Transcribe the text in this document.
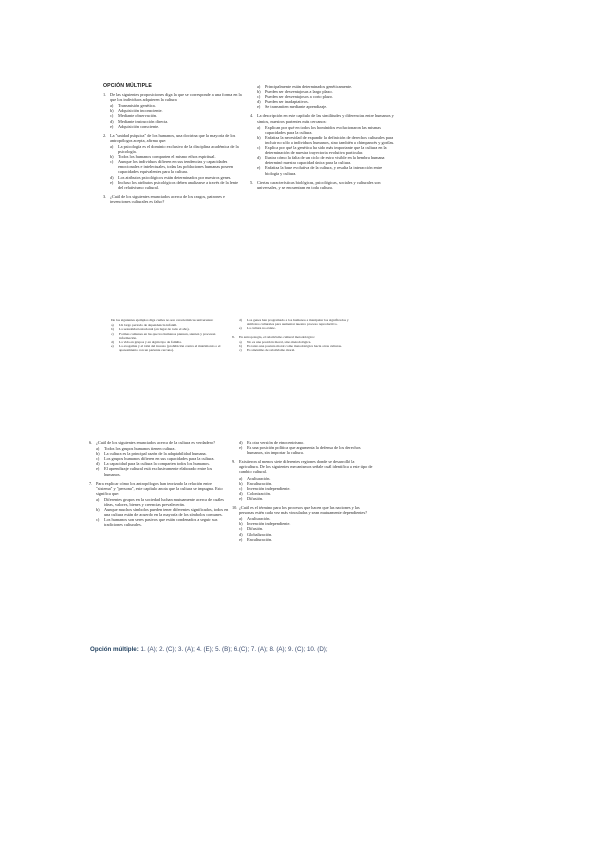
OPCIÓN MÚLTIPLE
1. De las siguientes proposiciones diga la que se corresponde a una forma en la que los individuos adquieren la cultura
a)	Transmisión genética.
b)	Adquisición inconsciente.
c)	Mediante observación.
d)	Mediante instrucción directa.
e)	Adquisición consciente.
2. La "unidad psíquica" de los humanos, una doctrina que la mayoría de los antropólogos acepta, afirma que:
a)	La psicología es el dominio exclusivo de la disciplina académica de la psicología.
b)	Todos los humanos comparten el mismo ethos espiritual.
c)	Aunque los individuos difieren en sus tendencias y capacidades emocionales e intelectuales, todas las poblaciones humanas poseen capacidades equivalentes para la cultura.
d)	Los atributos psicológicos están determinados por nuestros genes.
e)	Incluso los atributos psicológicos deben analizarse a través de la lente del relativismo cultural.
3. ¿Cuál de los siguientes enunciados acerca de los rasgos, patrones e invenciones culturales es falso?
a)	Principalmente están determinados genéticamente.
b)	Pueden ser desventajosas a largo plazo.
c)	Pueden ser desventajosos a corto plazo.
d)	Pueden ser inadaptativos.
e)	Se transmiten mediante aprendizaje.
4. La descripción en este capítulo de las similitudes y diferencias entre humanos y simios, nuestros parientes más cercanos:
a)	Explican por qué en todos los homínidos evolucionaron las mismas capacidades para la cultura.
b)	Enfatiza la necesidad de expandir la definición de derechos culturales para incluir no sólo a individuos humanos, sino también a chimpancés y gorilas.
c)	Explica por qué la genética ha sido más importante que la cultura en la determinación de nuestra trayectoria evolutiva particular.
d)	Ilustra cómo la falta de un ciclo de estro visible en la hembra humana determinó nuestra capacidad única para la cultura.
e)	Enfatiza la base evolutiva de la cultura, y resalta la interacción entre biología y cultura.
5. Ciertas características biológicas, psicológicas, sociales y culturales son universales, y se encuentran en toda cultura.
De los siguientes ejemplos diga cuáles no son características universales:
a)	Un largo periodo de dependencia infantil.
b)	La sexualidad estacional (en lugar de todo el año).
c)	Formas comunes en las que los humanos piensan, sienten y procesan información.
d)	La vida en grupos y en algún tipo de familia.
e)	La exogamia y el tabú del incesto (prohibición contra el matrimonio o el apareamiento con un pariente cercano).
d)	Los genes han programado a los humanos a manipular los significados y símbolos culturales para aumentar nuestro proceso reproductivo.
e)	La cultura no existe.
8.	En antropología, el relativismo cultural metodológico:
a)	No es una posición moral, sino metodológica.
b)	Es tanto una postura moral como metodológica hacia otras culturas.
c)	Es sinónimo de relativismo moral.
6. ¿Cuál de los siguientes enunciados acerca de la cultura es verdadero?
a)	Todos los grupos humanos tienen cultura.
b)	La cultura es la principal razón de la adaptabilidad humana.
c)	Los grupos humanos difieren en sus capacidades para la cultura.
d)	La capacidad para la cultura la comparten todos los humanos.
e)	El aprendizaje cultural está exclusivamente elaborado entre los humanos.
7. Para explicar cómo los antropólogos han teorizado la relación entre "sistema" y "persona", este capítulo anota que la cultura se impugna. Esto significa que:
a)	Diferentes grupos en la sociedad luchan mutuamente acerca de cuáles ideas, valores, bienes y creencias prevalecerán.
b)	Aunque muchos símbolos pueden tener diferentes significados, todos en una cultura están de acuerdo en la mayoría de los símbolos comunes.
c)	Los humanos son seres pasivos que están condenados a seguir sus tradiciones culturales.
d)	Es otra versión de etnocentrismo.
e)	Es una posición política que argumenta la defensa de los derechos humanos, sin importar la cultura.
9. Existieron al menos siete diferentes regiones donde se desarrolló la agricultura. De los siguientes mecanismos señale cuál identifica a este tipo de cambio cultural.
a)	Aculturación.
b)	Enculturación.
c)	Invención independiente.
d)	Colonización.
e)	Difusión.
10. ¿Cuál es el término para los procesos que hacen que las naciones y las personas estén cada vez más vinculadas y sean mutuamente dependientes?
a)	Aculturación.
b)	Invención independiente.
c)	Difusión.
d)	Globalización.
e)	Enculturación.
Opción múltiple: 1. (A); 2. (C); 3. (A); 4. (E); 5. (B); 6.(C); 7. (A); 8. (A); 9. (C); 10. (D);
